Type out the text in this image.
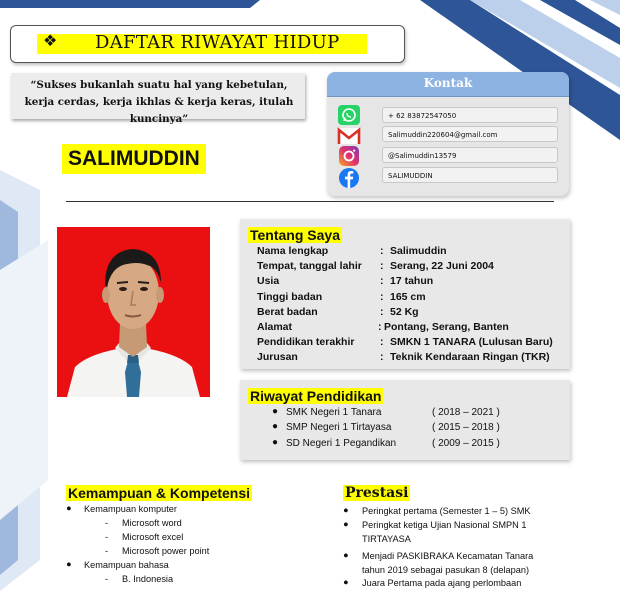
❖ DAFTAR RIWAYAT HIDUP
“Sukses bukanlah suatu hal yang kebetulan, kerja cerdas, kerja ikhlas & kerja keras, itulah kuncinya”
SALIMUDDIN
Kontak
+ 62 83872547050
Salimuddin220604@gmail.com
@Salimuddin13579
SALIMUDDIN
Tentang Saya
Nama lengkap	: Salimuddin
Tempat, tanggal lahir : Serang, 22 Juni 2004
Usia	: 17 tahun
Tinggi badan	: 165 cm
Berat badan	: 52 Kg
Alamat	: Pontang, Serang, Banten
Pendidikan terakhir : SMKN 1 TANARA (Lulusan Baru)
Jurusan	: Teknik Kendaraan Ringan (TKR)
Riwayat Pendidikan
● SMK Negeri 1 Tanara	( 2018 – 2021 )
● SMP Negeri 1 Tirtayasa	( 2015 – 2018 )
● SD Negeri 1 Pegandikan	( 2009 – 2015 )
Kemampuan & Kompetensi
● Kemampuan komputer
- Microsoft word
- Microsoft excel
- Microsoft power point
● Kemampuan bahasa
- B. Indonesia
Prestasi
● Peringkat pertama (Semester 1 – 5) SMK
● Peringkat ketiga Ujian Nasional SMPN 1
TIRTAYASA
● Menjadi PASKIBRAKA Kecamatan Tanara
tahun 2019 sebagai pasukan 8 (delapan)
● Juara Pertama pada ajang perlombaan
